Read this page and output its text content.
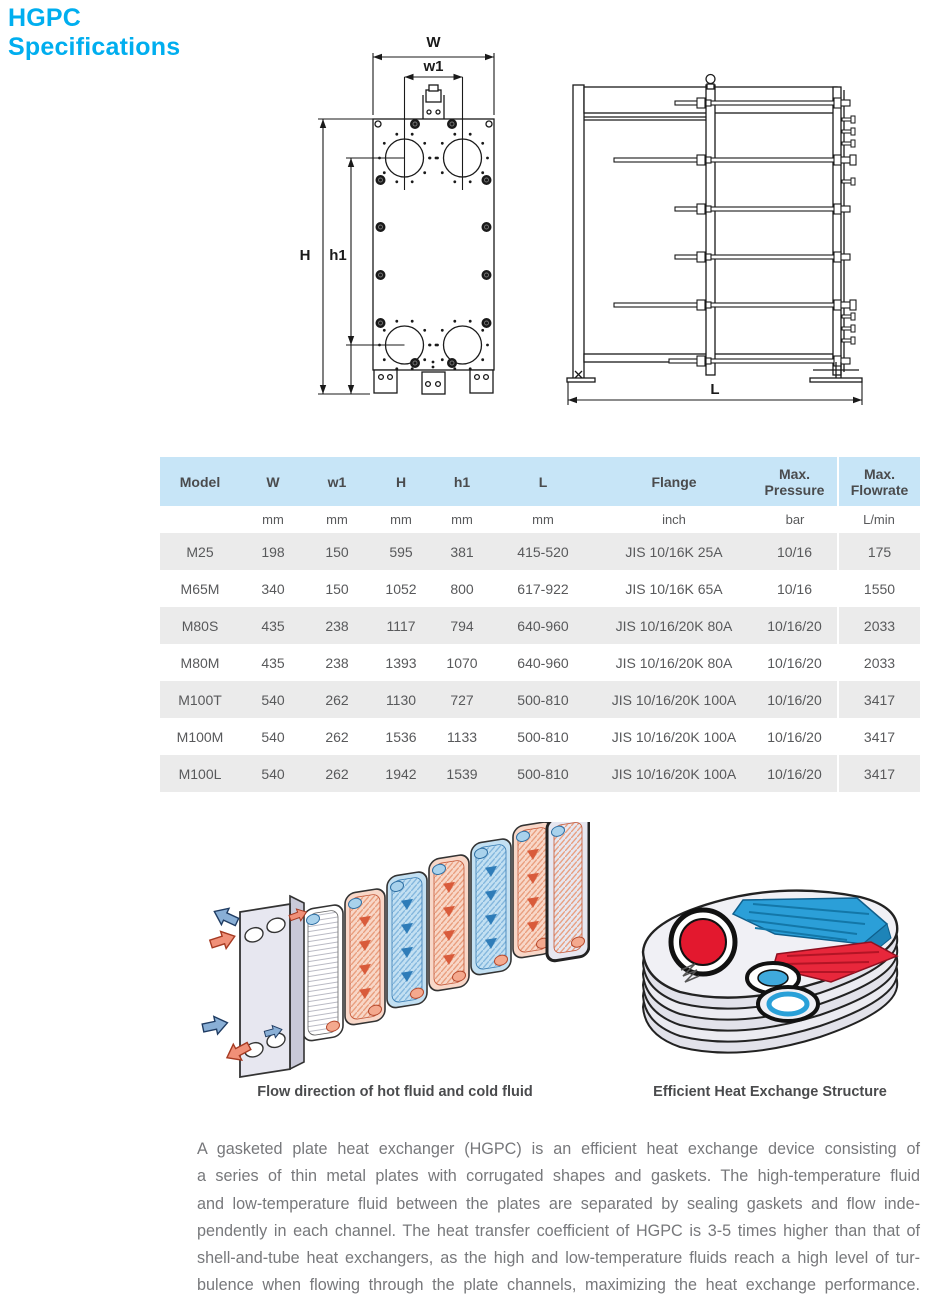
HGPC
Specifications	W
w1
H h1
L
Model	W	w1	H	h1	L	Flange	Max. Pressure	Max. Flowrate
	mm	mm	mm	mm	mm	inch	bar	L/min
M25	198	150	595	381	415-520	JIS 10/16K 25A	10/16	175
M65M	340	150	1052	800	617-922	JIS 10/16K 65A	10/16	1550
M80S	435	238	1117	794	640-960	JIS 10/16/20K 80A	10/16/20	2033
M80M	435	238	1393	1070	640-960	JIS 10/16/20K 80A	10/16/20	2033
M100T	540	262	1130	727	500-810	JIS 10/16/20K 100A	10/16/20	3417
M100M	540	262	1536	1133	500-810	JIS 10/16/20K 100A	10/16/20	3417
M100L	540	262	1942	1539	500-810	JIS 10/16/20K 100A	10/16/20	3417
Flow direction of hot fluid and cold fluid	Efficient Heat Exchange Structure
A gasketed plate heat exchanger (HGPC) is an efficient heat exchange device consisting of
a series of thin metal plates with corrugated shapes and gaskets. The high-temperature fluid
and low-temperature fluid between the plates are separated by sealing gaskets and flow inde-
pendently in each channel. The heat transfer coefficient of HGPC is 3-5 times higher than that of
shell-and-tube heat exchangers, as the high and low-temperature fluids reach a high level of tur-
bulence when flowing through the plate channels, maximizing the heat exchange performance.
